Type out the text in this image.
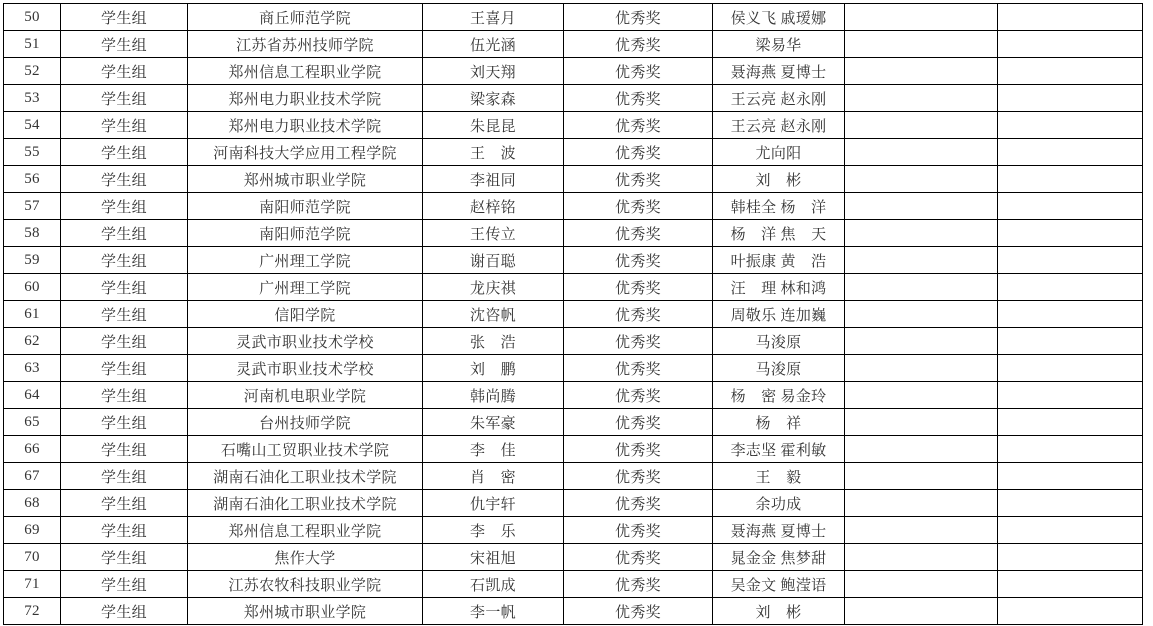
50	学生组	商丘师范学院	王喜月	优秀奖	侯义飞 戚瑷娜		
51	学生组	江苏省苏州技师学院	伍光涵	优秀奖	梁易华		
52	学生组	郑州信息工程职业学院	刘天翔	优秀奖	聂海燕 夏博士		
53	学生组	郑州电力职业技术学院	梁家森	优秀奖	王云亮 赵永刚		
54	学生组	郑州电力职业技术学院	朱昆昆	优秀奖	王云亮 赵永刚		
55	学生组	河南科技大学应用工程学院	王　波	优秀奖	尤向阳		
56	学生组	郑州城市职业学院	李祖同	优秀奖	刘　彬		
57	学生组	南阳师范学院	赵梓铭	优秀奖	韩桂全 杨　洋		
58	学生组	南阳师范学院	王传立	优秀奖	杨　洋 焦　天		
59	学生组	广州理工学院	谢百聪	优秀奖	叶振康 黄　浩		
60	学生组	广州理工学院	龙庆祺	优秀奖	汪　理 林和鸿		
61	学生组	信阳学院	沈咨帆	优秀奖	周敬乐 连加巍		
62	学生组	灵武市职业技术学校	张　浩	优秀奖	马浚原		
63	学生组	灵武市职业技术学校	刘　鹏	优秀奖	马浚原		
64	学生组	河南机电职业学院	韩尚腾	优秀奖	杨　密 易金玲		
65	学生组	台州技师学院	朱军豪	优秀奖	杨　祥		
66	学生组	石嘴山工贸职业技术学院	李　佳	优秀奖	李志坚 霍利敏		
67	学生组	湖南石油化工职业技术学院	肖　密	优秀奖	王　毅		
68	学生组	湖南石油化工职业技术学院	仇宇轩	优秀奖	余功成		
69	学生组	郑州信息工程职业学院	李　乐	优秀奖	聂海燕 夏博士		
70	学生组	焦作大学	宋祖旭	优秀奖	晁金金 焦梦甜		
71	学生组	江苏农牧科技职业学院	石凯成	优秀奖	吴金文 鲍滢语		
72	学生组	郑州城市职业学院	李一帆	优秀奖	刘　彬		
